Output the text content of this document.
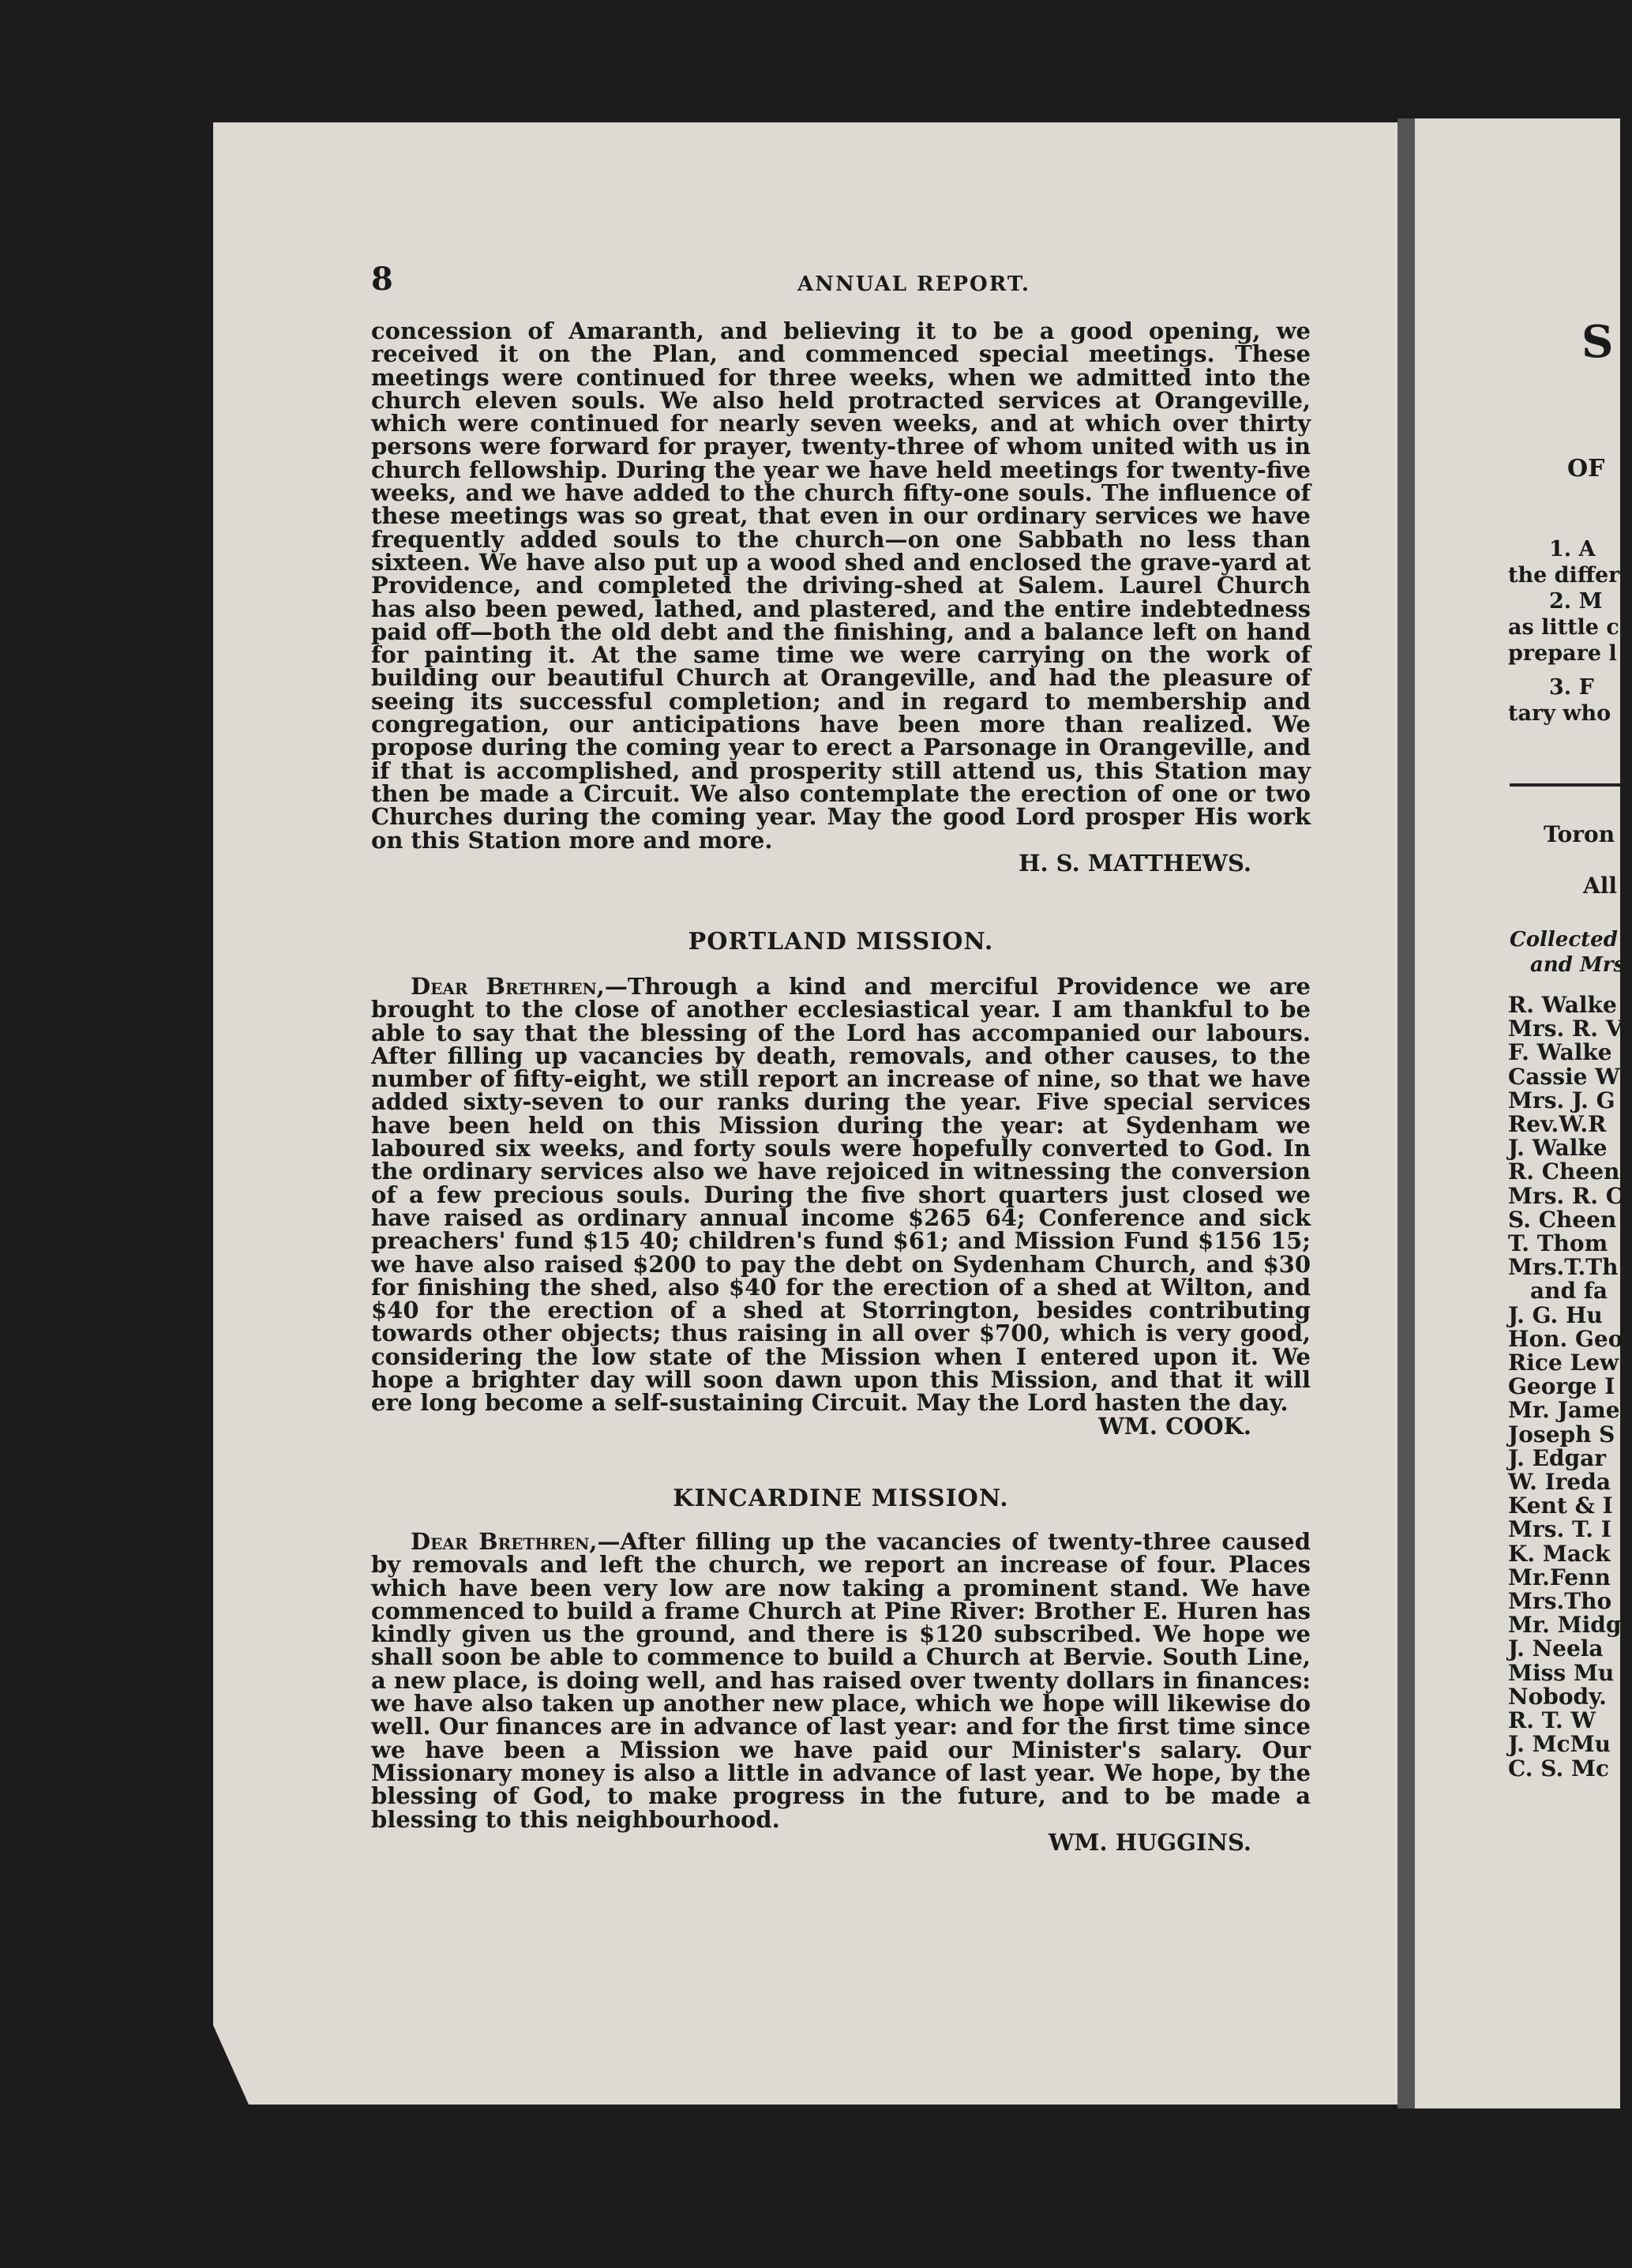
8	ANNUAL REPORT.

concession of Amaranth, and believing it to be a good opening, we received it on the Plan, and commenced special meetings. These meetings were continued for three weeks, when we admitted into the church eleven souls. We also held protracted services at Orangeville, which were continued for nearly seven weeks, and at which over thirty persons were forward for prayer, twenty-three of whom united with us in church fellowship. During the year we have held meetings for twenty-five weeks, and we have added to the church fifty-one souls. The influence of these meetings was so great, that even in our ordinary services we have frequently added souls to the church—on one Sabbath no less than sixteen. We have also put up a wood shed and enclosed the grave-yard at Providence, and completed the driving-shed at Salem. Laurel Church has also been pewed, lathed, and plastered, and the entire indebtedness paid off—both the old debt and the finishing, and a balance left on hand for painting it. At the same time we were carrying on the work of building our beautiful Church at Orangeville, and had the pleasure of seeing its successful completion; and in regard to membership and congregation, our anticipations have been more than realized. We propose during the coming year to erect a Parsonage in Orangeville, and if that is accomplished, and prosperity still attend us, this Station may then be made a Circuit. We also contemplate the erection of one or two Churches during the coming year. May the good Lord prosper His work on this Station more and more.

H. S. MATTHEWS.

PORTLAND MISSION.

Dear Brethren,—Through a kind and merciful Providence we are brought to the close of another ecclesiastical year. I am thankful to be able to say that the blessing of the Lord has accompanied our labours. After filling up vacancies by death, removals, and other causes, to the number of fifty-eight, we still report an increase of nine, so that we have added sixty-seven to our ranks during the year. Five special services have been held on this Mission during the year: at Sydenham we laboured six weeks, and forty souls were hopefully converted to God. In the ordinary services also we have rejoiced in witnessing the conversion of a few precious souls. During the five short quarters just closed we have raised as ordinary annual income $265 64; Conference and sick preachers' fund $15 40; children's fund $61; and Mission Fund $156 15; we have also raised $200 to pay the debt on Sydenham Church, and $30 for finishing the shed, also $40 for the erection of a shed at Wilton, and $40 for the erection of a shed at Storrington, besides contributing towards other objects; thus raising in all over $700, which is very good, considering the low state of the Mission when I entered upon it. We hope a brighter day will soon dawn upon this Mission, and that it will ere long become a self-sustaining Circuit. May the Lord hasten the day.

WM. COOK.

KINCARDINE MISSION.

Dear Brethren,—After filling up the vacancies of twenty-three caused by removals and left the church, we report an increase of four. Places which have been very low are now taking a prominent stand. We have commenced to build a frame Church at Pine River: Brother E. Huren has kindly given us the ground, and there is $120 subscribed. We hope we shall soon be able to commence to build a Church at Bervie. South Line, a new place, is doing well, and has raised over twenty dollars in finances: we have also taken up another new place, which we hope will likewise do well. Our finances are in advance of last year: and for the first time since we have been a Mission we have paid our Minister's salary. Our Missionary money is also a little in advance of last year. We hope, by the blessing of God, to make progress in the future, and to be made a blessing to this neighbourhood.

WM. HUGGINS.

S
OF
1. A
the differ
2. M
as little c
prepare l
3. F
tary who
Toron
All
Collected
and Mrs.
R. Walke
Mrs. R. V
F. Walke
Cassie W
Mrs. J. G
Rev.W.R
J. Walke
R. Cheen
Mrs. R. C
S. Cheen
T. Thom
Mrs.T.Th
and fa
J. G. Hu
Hon. Geo
Rice Lew
George I
Mr. Jame
Joseph S
J. Edgar
W. Ireda
Kent & I
Mrs. T. I
K. Mack
Mr.Fenn
Mrs.Tho
Mr. Midg
J. Neela
Miss Mu
Nobody.
R. T. W
J. McMu
C. S. Mc
